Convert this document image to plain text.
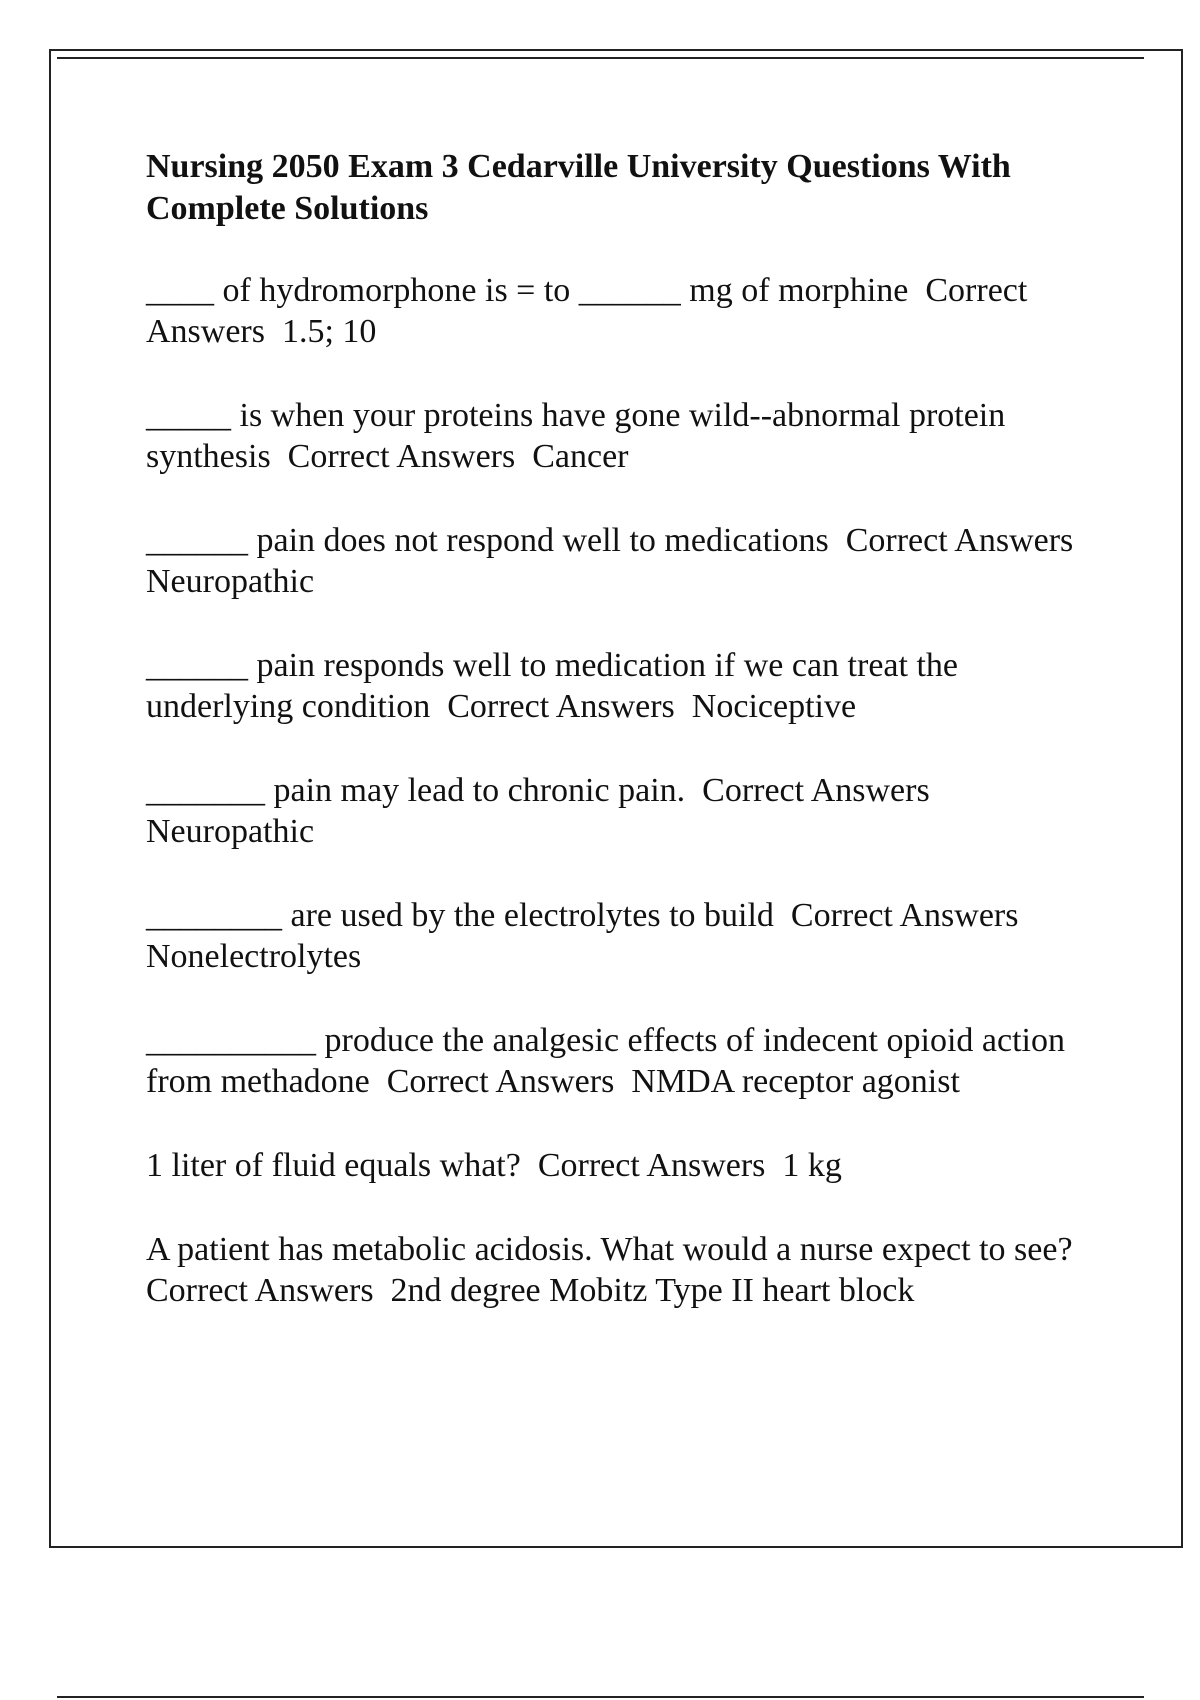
Nursing 2050 Exam 3 Cedarville University Questions With Complete Solutions
____ of hydromorphone is = to ______ mg of morphine  Correct Answers  1.5; 10
_____ is when your proteins have gone wild--abnormal protein synthesis  Correct Answers  Cancer
______ pain does not respond well to medications  Correct Answers  Neuropathic
______ pain responds well to medication if we can treat the underlying condition  Correct Answers  Nociceptive
_______ pain may lead to chronic pain.  Correct Answers  Neuropathic
________ are used by the electrolytes to build  Correct Answers  Nonelectrolytes
__________ produce the analgesic effects of indecent opioid action from methadone  Correct Answers  NMDA receptor agonist
1 liter of fluid equals what?  Correct Answers  1 kg
A patient has metabolic acidosis. What would a nurse expect to see?  Correct Answers  2nd degree Mobitz Type II heart block
